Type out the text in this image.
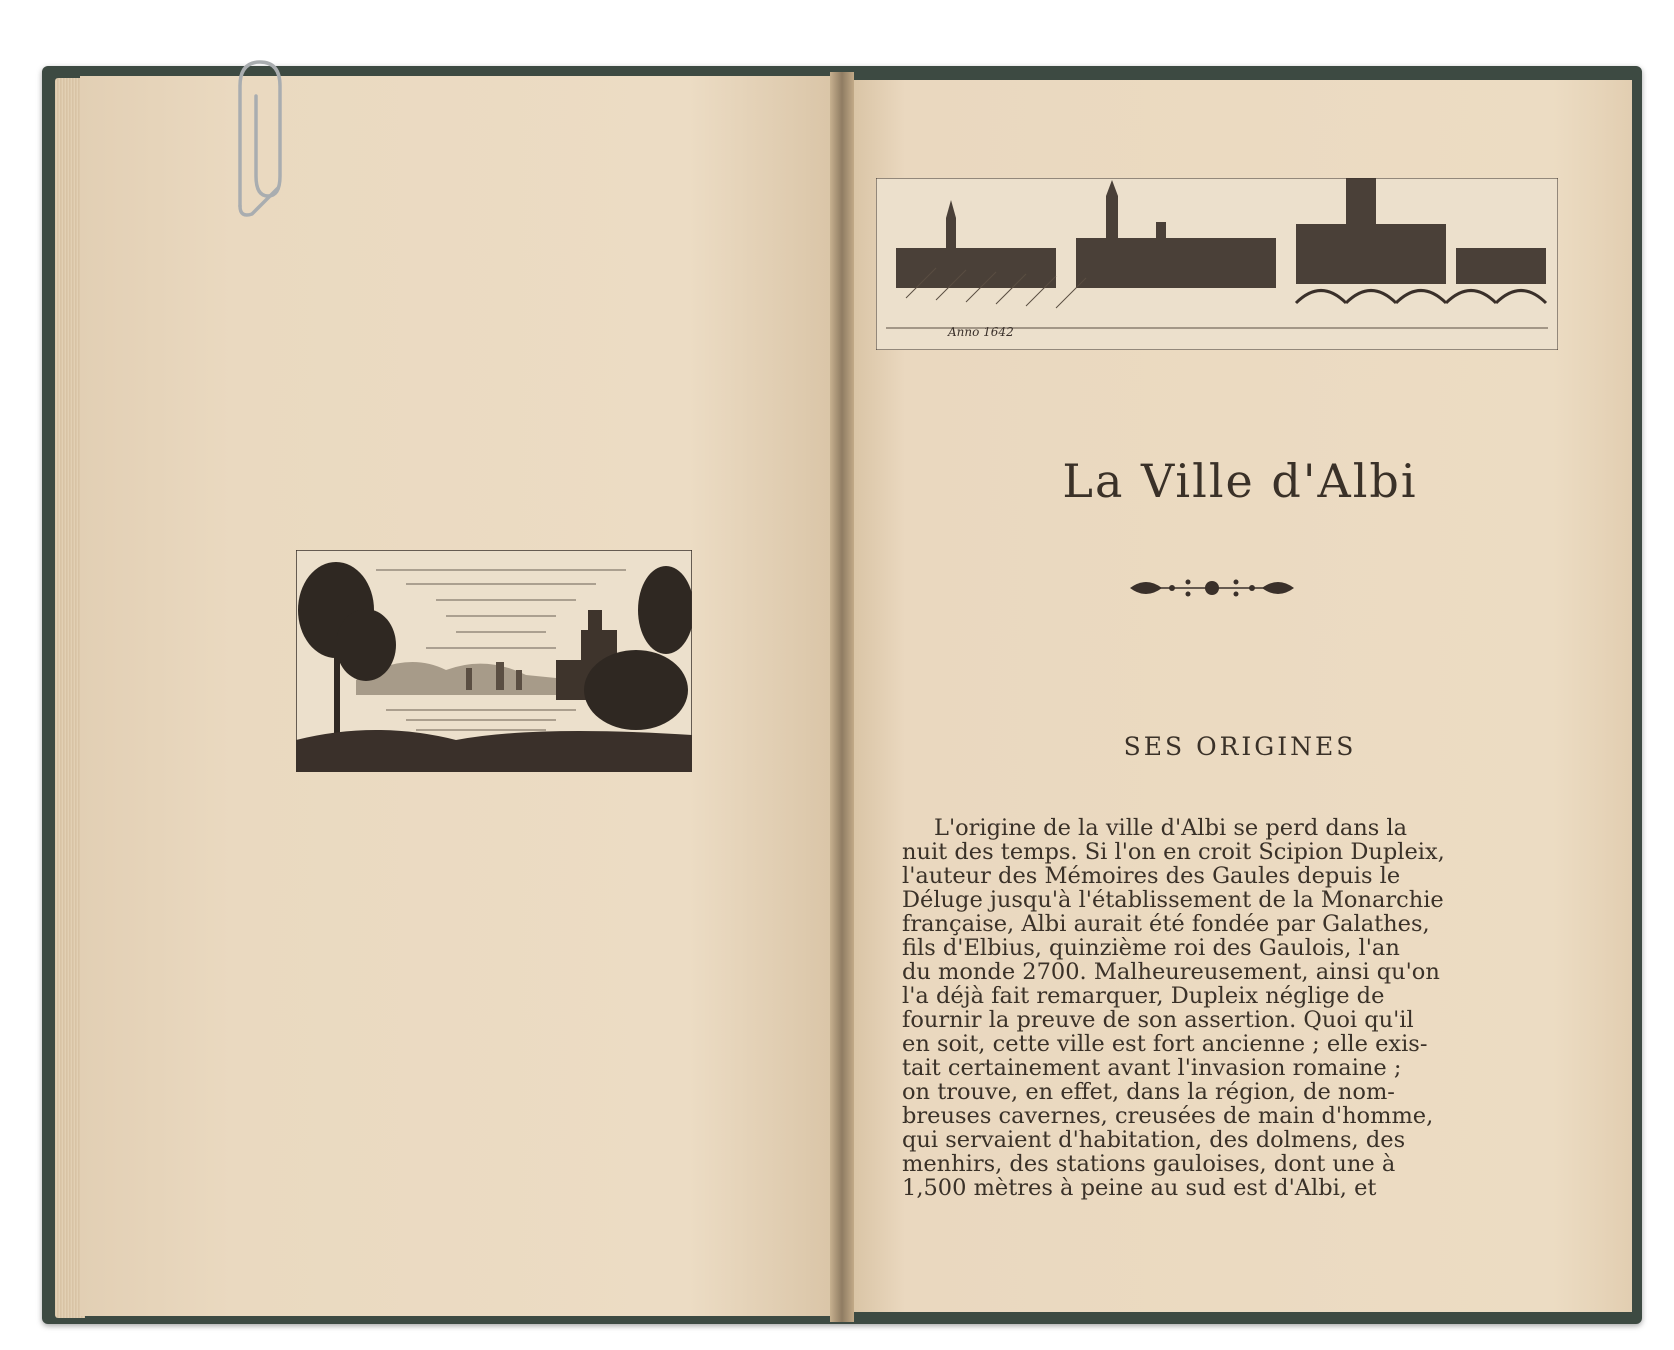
Anno 1642
La Ville d'Albi
SES ORIGINES
L'origine de la ville d'Albi se perd dans la
nuit des temps. Si l'on en croit Scipion Dupleix,
l'auteur des Mémoires des Gaules depuis le
Déluge jusqu'à l'établissement de la Monarchie
française, Albi aurait été fondée par Galathes,
fils d'Elbius, quinzième roi des Gaulois, l'an
du monde 2700. Malheureusement, ainsi qu'on
l'a déjà fait remarquer, Dupleix néglige de
fournir la preuve de son assertion. Quoi qu'il
en soit, cette ville est fort ancienne ; elle exis-
tait certainement avant l'invasion romaine ;
on trouve, en effet, dans la région, de nom-
breuses cavernes, creusées de main d'homme,
qui servaient d'habitation, des dolmens, des
menhirs, des stations gauloises, dont une à
1,500 mètres à peine au sud est d'Albi, et
